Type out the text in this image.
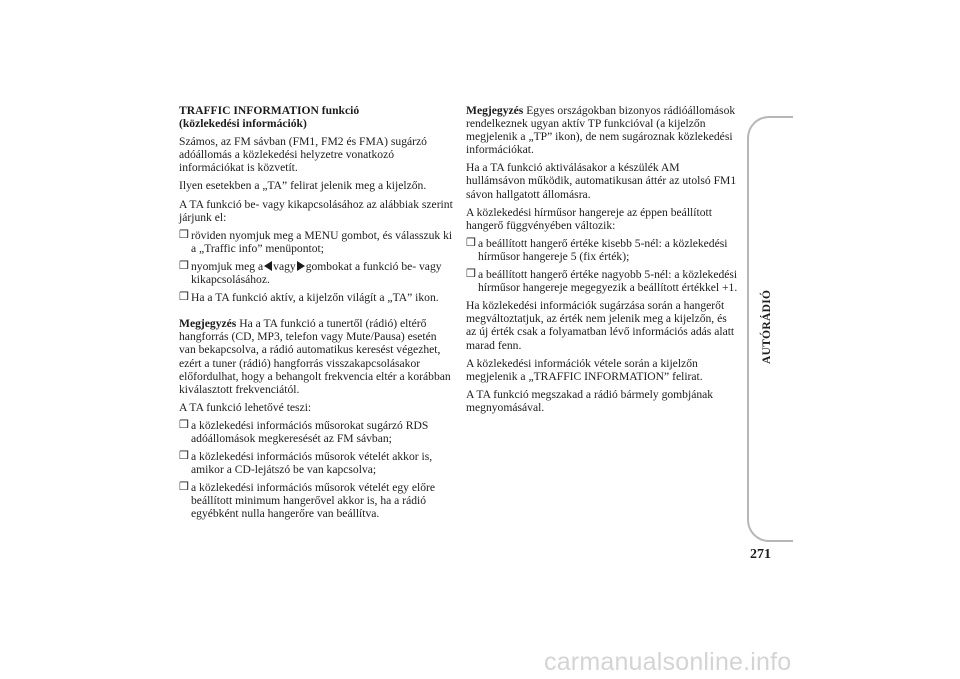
TRAFFIC INFORMATION funkció
(közlekedési információk)

Számos, az FM sávban (FM1, FM2 és FMA) sugárzó adóállomás a közlekedési helyzetre vonatkozó információkat is közvetít.

Ilyen esetekben a „TA” felirat jelenik meg a kijelzőn.

A TA funkció be- vagy kikapcsolásához az alábbiak szerint járjunk el:

❒ röviden nyomjuk meg a MENU gombot, és válasszuk ki a „Traffic info” menüpontot;
❒ nyomjuk meg a vagy gombokat a funkció be- vagy kikapcsolásához.
❒ Ha a TA funkció aktív, a kijelzőn világít a „TA” ikon.

Megjegyzés Ha a TA funkció a tunertől (rádió) eltérő hangforrás (CD, MP3, telefon vagy Mute/Pausa) esetén van bekapcsolva, a rádió automatikus keresést végezhet, ezért a tuner (rádió) hangforrás visszakapcsolásakor előfordulhat, hogy a behangolt frekvencia eltér a korábban kiválasztott frekvenciától.

A TA funkció lehetővé teszi:

❒ a közlekedési információs műsorokat sugárzó RDS adóállomások megkeresését az FM sávban;
❒ a közlekedési információs műsorok vételét akkor is, amikor a CD-lejátszó be van kapcsolva;
❒ a közlekedési információs műsorok vételét egy előre beállított minimum hangerővel akkor is, ha a rádió egyébként nulla hangerőre van beállítva.

Megjegyzés Egyes országokban bizonyos rádióállomások rendelkeznek ugyan aktív TP funkcióval (a kijelzőn megjelenik a „TP” ikon), de nem sugároznak közlekedési információkat.

Ha a TA funkció aktiválásakor a készülék AM hullámsávon működik, automatikusan áttér az utolsó FM1 sávon hallgatott állomásra.

A közlekedési hírműsor hangereje az éppen beállított hangerő függvényében változik:

❒ a beállított hangerő értéke kisebb 5-nél: a közlekedési hírműsor hangereje 5 (fix érték);
❒ a beállított hangerő értéke nagyobb 5-nél: a közlekedési hírműsor hangereje megegyezik a beállított értékkel +1.

Ha közlekedési információk sugárzása során a hangerőt megváltoztatjuk, az érték nem jelenik meg a kijelzőn, és az új érték csak a folyamatban lévő információs adás alatt marad fenn.

A közlekedési információk vétele során a kijelzőn megjelenik a „TRAFFIC INFORMATION” felirat.

A TA funkció megszakad a rádió bármely gombjának megnyomásával.

AUTÓRÁDIÓ
271
carmanualsonline.info
